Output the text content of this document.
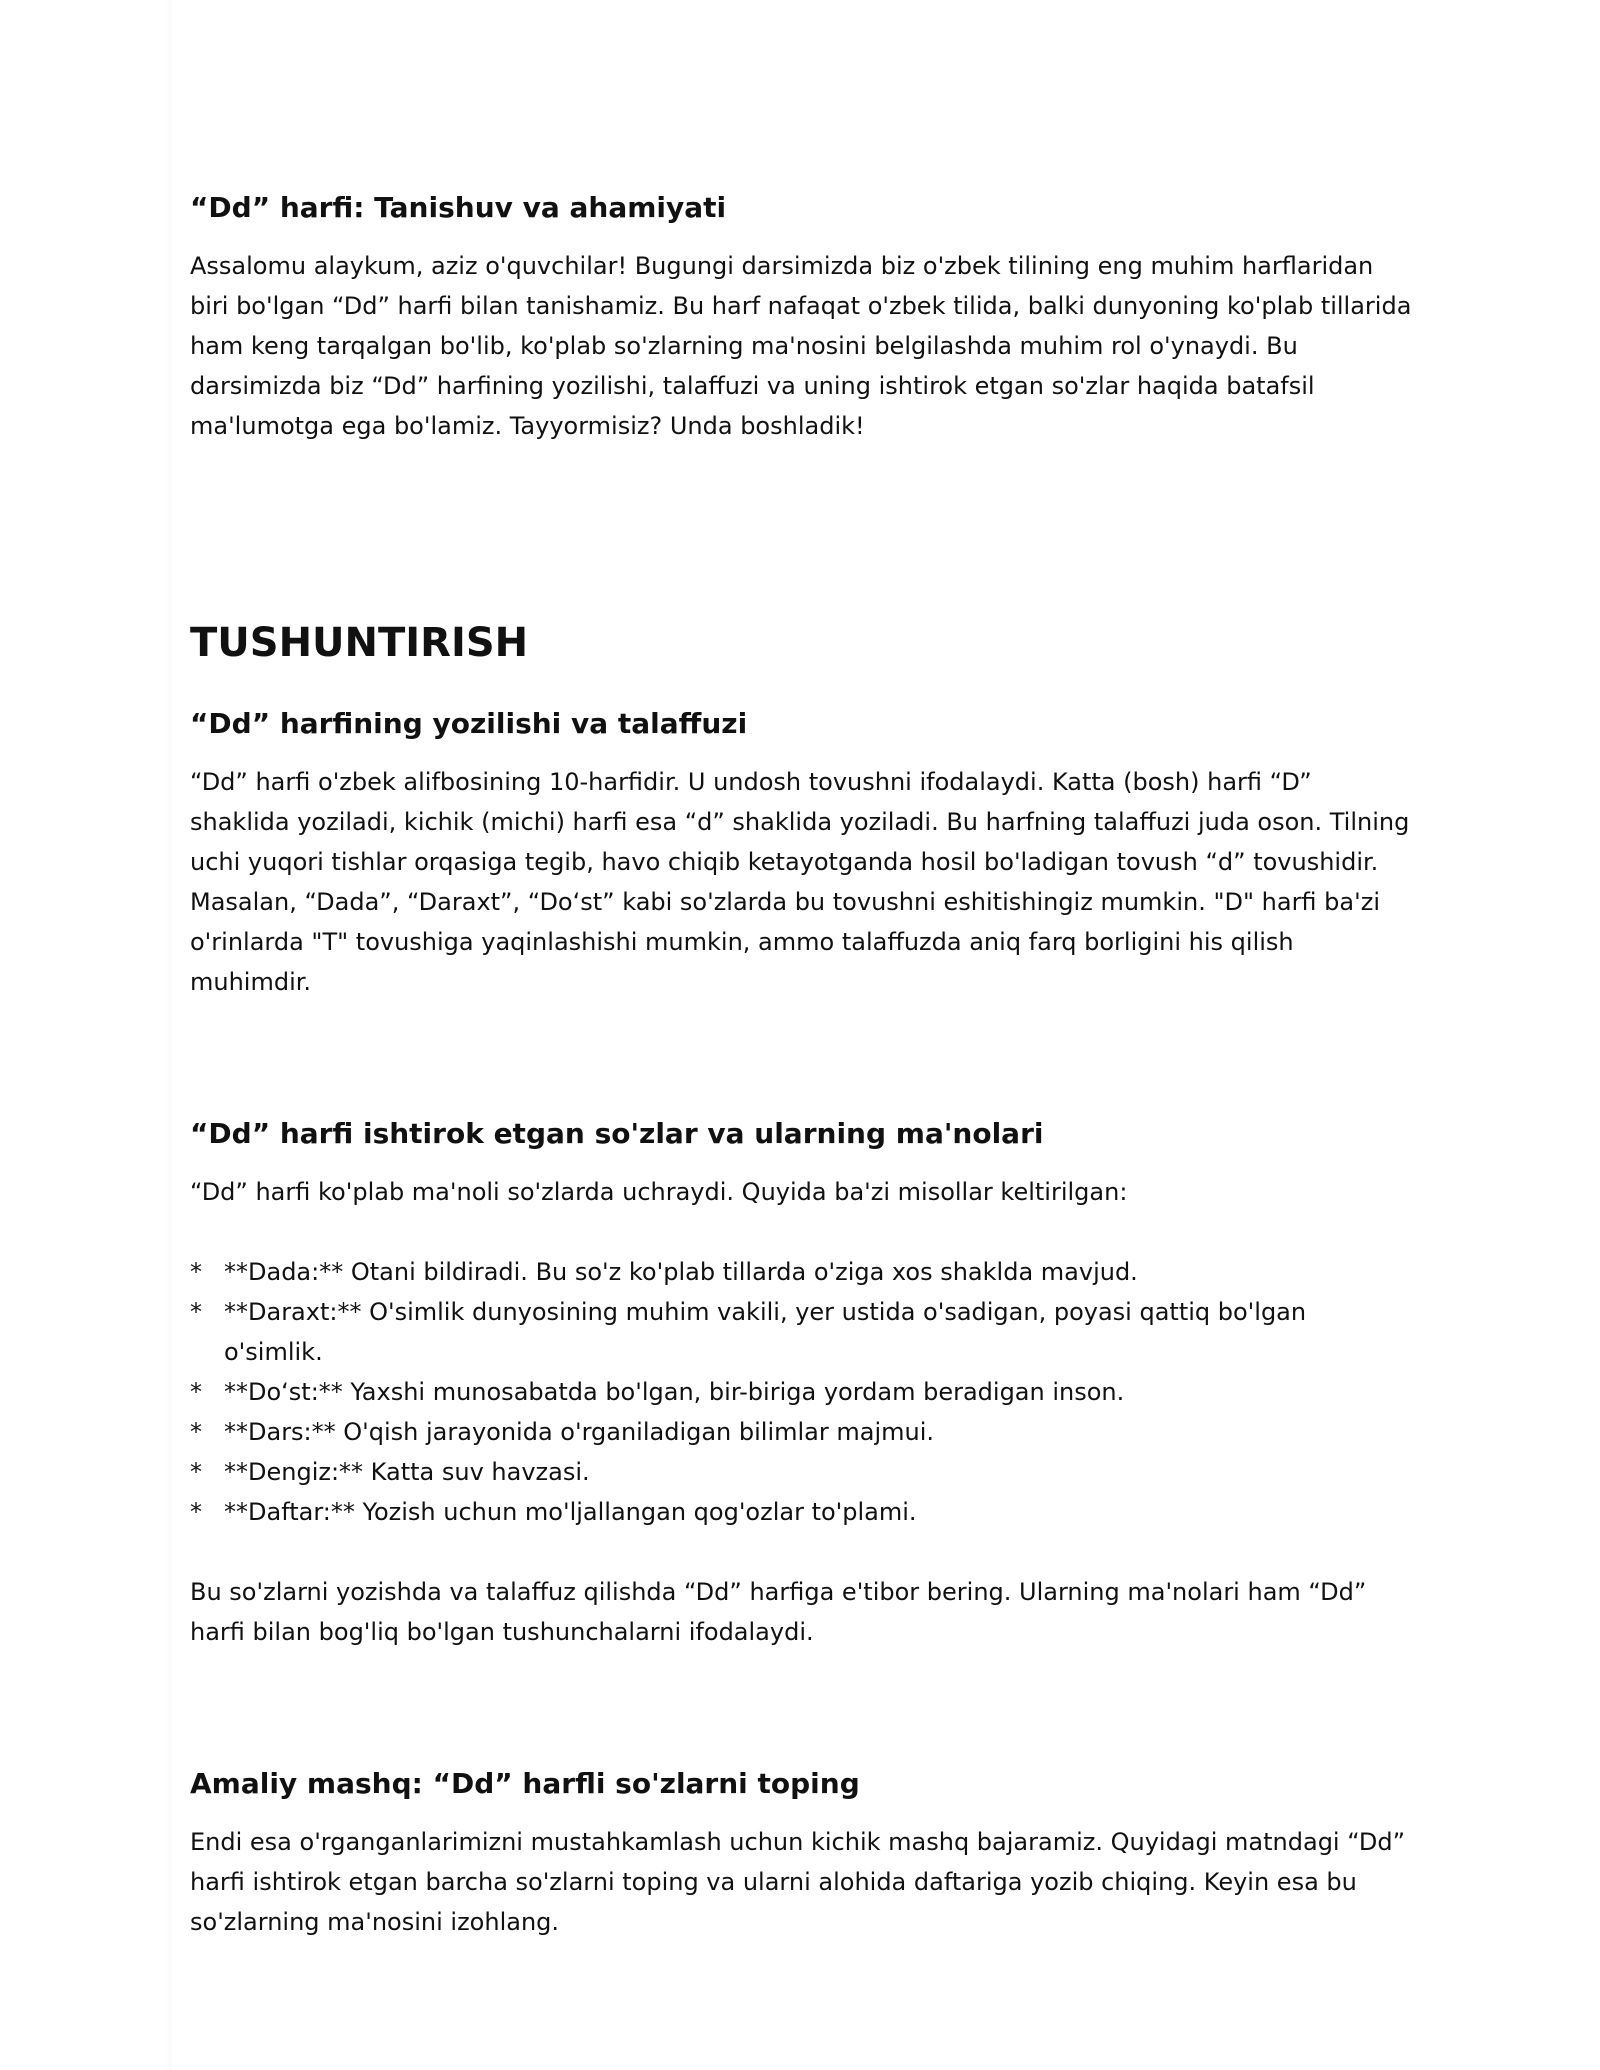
“Dd” harfi: Tanishuv va ahamiyati

Assalomu alaykum, aziz o'quvchilar! Bugungi darsimizda biz o'zbek tilining eng muhim harflaridan biri bo'lgan “Dd” harfi bilan tanishamiz. Bu harf nafaqat o'zbek tilida, balki dunyoning ko'plab tillarida ham keng tarqalgan bo'lib, ko'plab so'zlarning ma'nosini belgilashda muhim rol o'ynaydi. Bu darsimizda biz “Dd” harfining yozilishi, talaffuzi va uning ishtirok etgan so'zlar haqida batafsil ma'lumotga ega bo'lamiz. Tayyormisiz? Unda boshladik!

TUSHUNTIRISH
“Dd” harfining yozilishi va talaffuzi

“Dd” harfi o'zbek alifbosining 10-harfidir. U undosh tovushni ifodalaydi. Katta (bosh) harfi “D” shaklida yoziladi, kichik (michi) harfi esa “d” shaklida yoziladi. Bu harfning talaffuzi juda oson. Tilning uchi yuqori tishlar orqasiga tegib, havo chiqib ketayotganda hosil bo'ladigan tovush “d” tovushidir. Masalan, “Dada”, “Daraxt”, “Do‘st” kabi so'zlarda bu tovushni eshitishingiz mumkin. "D" harfi ba'zi o'rinlarda "T" tovushiga yaqinlashishi mumkin, ammo talaffuzda aniq farq borligini his qilish muhimdir.

“Dd” harfi ishtirok etgan so'zlar va ularning ma'nolari

“Dd” harfi ko'plab ma'noli so'zlarda uchraydi. Quyida ba'zi misollar keltirilgan:

* **Dada:** Otani bildiradi. Bu so'z ko'plab tillarda o'ziga xos shakldа mavjud.
* **Daraxt:** O'simlik dunyosining muhim vakili, yer ustida o'sadigan, poyasi qattiq bo'lgan o'simlik.
* **Do‘st:** Yaxshi munosabatda bo'lgan, bir-biriga yordam beradigan inson.
* **Dars:** O'qish jarayonida o'rganiladigan bilimlar majmui.
* **Dengiz:** Katta suv havzasi.
* **Daftar:** Yozish uchun mo'ljallangan qog'ozlar to'plami.

Bu so'zlarni yozishda va talaffuz qilishda “Dd” harfiga e'tibor bering. Ularning ma'nolari ham “Dd” harfi bilan bog'liq bo'lgan tushunchalarni ifodalaydi.

Amaliy mashq: “Dd” harfli so'zlarni toping

Endi esa o'rganganlarimizni mustahkamlash uchun kichik mashq bajaramiz. Quyidagi matndagi “Dd” harfi ishtirok etgan barcha so'zlarni toping va ularni alohida daftariga yozib chiqing. Keyin esa bu so'zlarning ma'nosini izohlang.
